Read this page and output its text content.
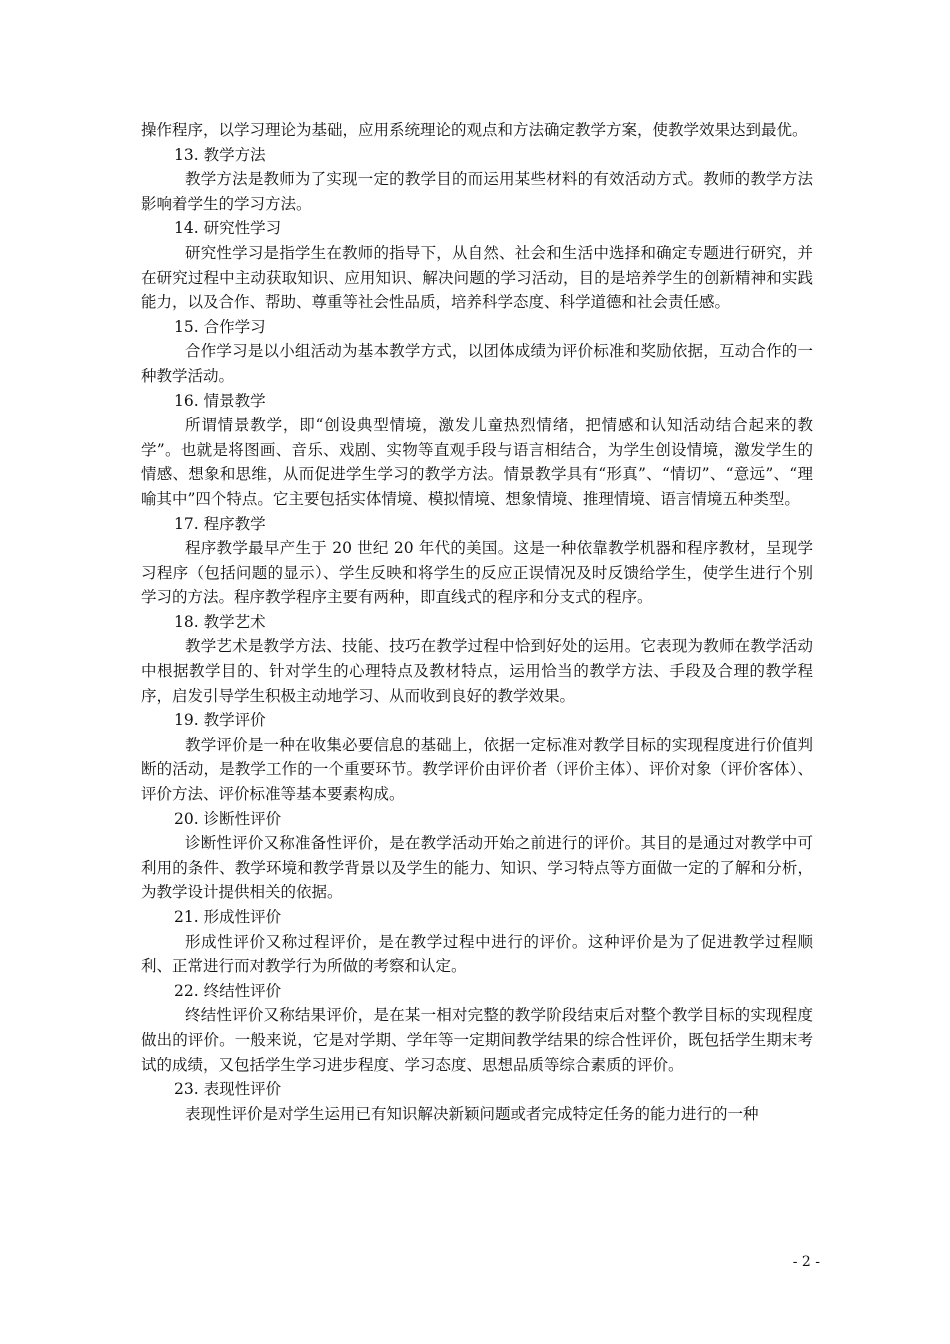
操作程序，以学习理论为基础，应用系统理论的观点和方法确定教学方案，使教学效果达到最优。

13. 教学方法

教学方法是教师为了实现一定的教学目的而运用某些材料的有效活动方式。教师的教学方法影响着学生的学习方法。

14. 研究性学习

研究性学习是指学生在教师的指导下，从自然、社会和生活中选择和确定专题进行研究，并在研究过程中主动获取知识、应用知识、解决问题的学习活动，目的是培养学生的创新精神和实践能力，以及合作、帮助、尊重等社会性品质，培养科学态度、科学道德和社会责任感。

15. 合作学习

合作学习是以小组活动为基本教学方式，以团体成绩为评价标准和奖励依据，互动合作的一种教学活动。

16. 情景教学

所谓情景教学，即“创设典型情境，激发儿童热烈情绪，把情感和认知活动结合起来的教学”。也就是将图画、音乐、戏剧、实物等直观手段与语言相结合，为学生创设情境，激发学生的情感、想象和思维，从而促进学生学习的教学方法。情景教学具有“形真”、“情切”、“意远”、“理喻其中”四个特点。它主要包括实体情境、模拟情境、想象情境、推理情境、语言情境五种类型。

17. 程序教学

程序教学最早产生于 20 世纪 20 年代的美国。这是一种依靠教学机器和程序教材，呈现学习程序（包括问题的显示）、学生反映和将学生的反应正误情况及时反馈给学生，使学生进行个别学习的方法。程序教学程序主要有两种，即直线式的程序和分支式的程序。

18. 教学艺术

教学艺术是教学方法、技能、技巧在教学过程中恰到好处的运用。它表现为教师在教学活动中根据教学目的、针对学生的心理特点及教材特点，运用恰当的教学方法、手段及合理的教学程序，启发引导学生积极主动地学习、从而收到良好的教学效果。

19. 教学评价

教学评价是一种在收集必要信息的基础上，依据一定标准对教学目标的实现程度进行价值判断的活动，是教学工作的一个重要环节。教学评价由评价者（评价主体）、评价对象（评价客体）、评价方法、评价标准等基本要素构成。

20. 诊断性评价

诊断性评价又称准备性评价，是在教学活动开始之前进行的评价。其目的是通过对教学中可利用的条件、教学环境和教学背景以及学生的能力、知识、学习特点等方面做一定的了解和分析，为教学设计提供相关的依据。

21. 形成性评价

形成性评价又称过程评价，是在教学过程中进行的评价。这种评价是为了促进教学过程顺利、正常进行而对教学行为所做的考察和认定。

22. 终结性评价

终结性评价又称结果评价，是在某一相对完整的教学阶段结束后对整个教学目标的实现程度做出的评价。一般来说，它是对学期、学年等一定期间教学结果的综合性评价，既包括学生期末考试的成绩，又包括学生学习进步程度、学习态度、思想品质等综合素质的评价。

23. 表现性评价

表现性评价是对学生运用已有知识解决新颖问题或者完成特定任务的能力进行的一种

- 2 -
